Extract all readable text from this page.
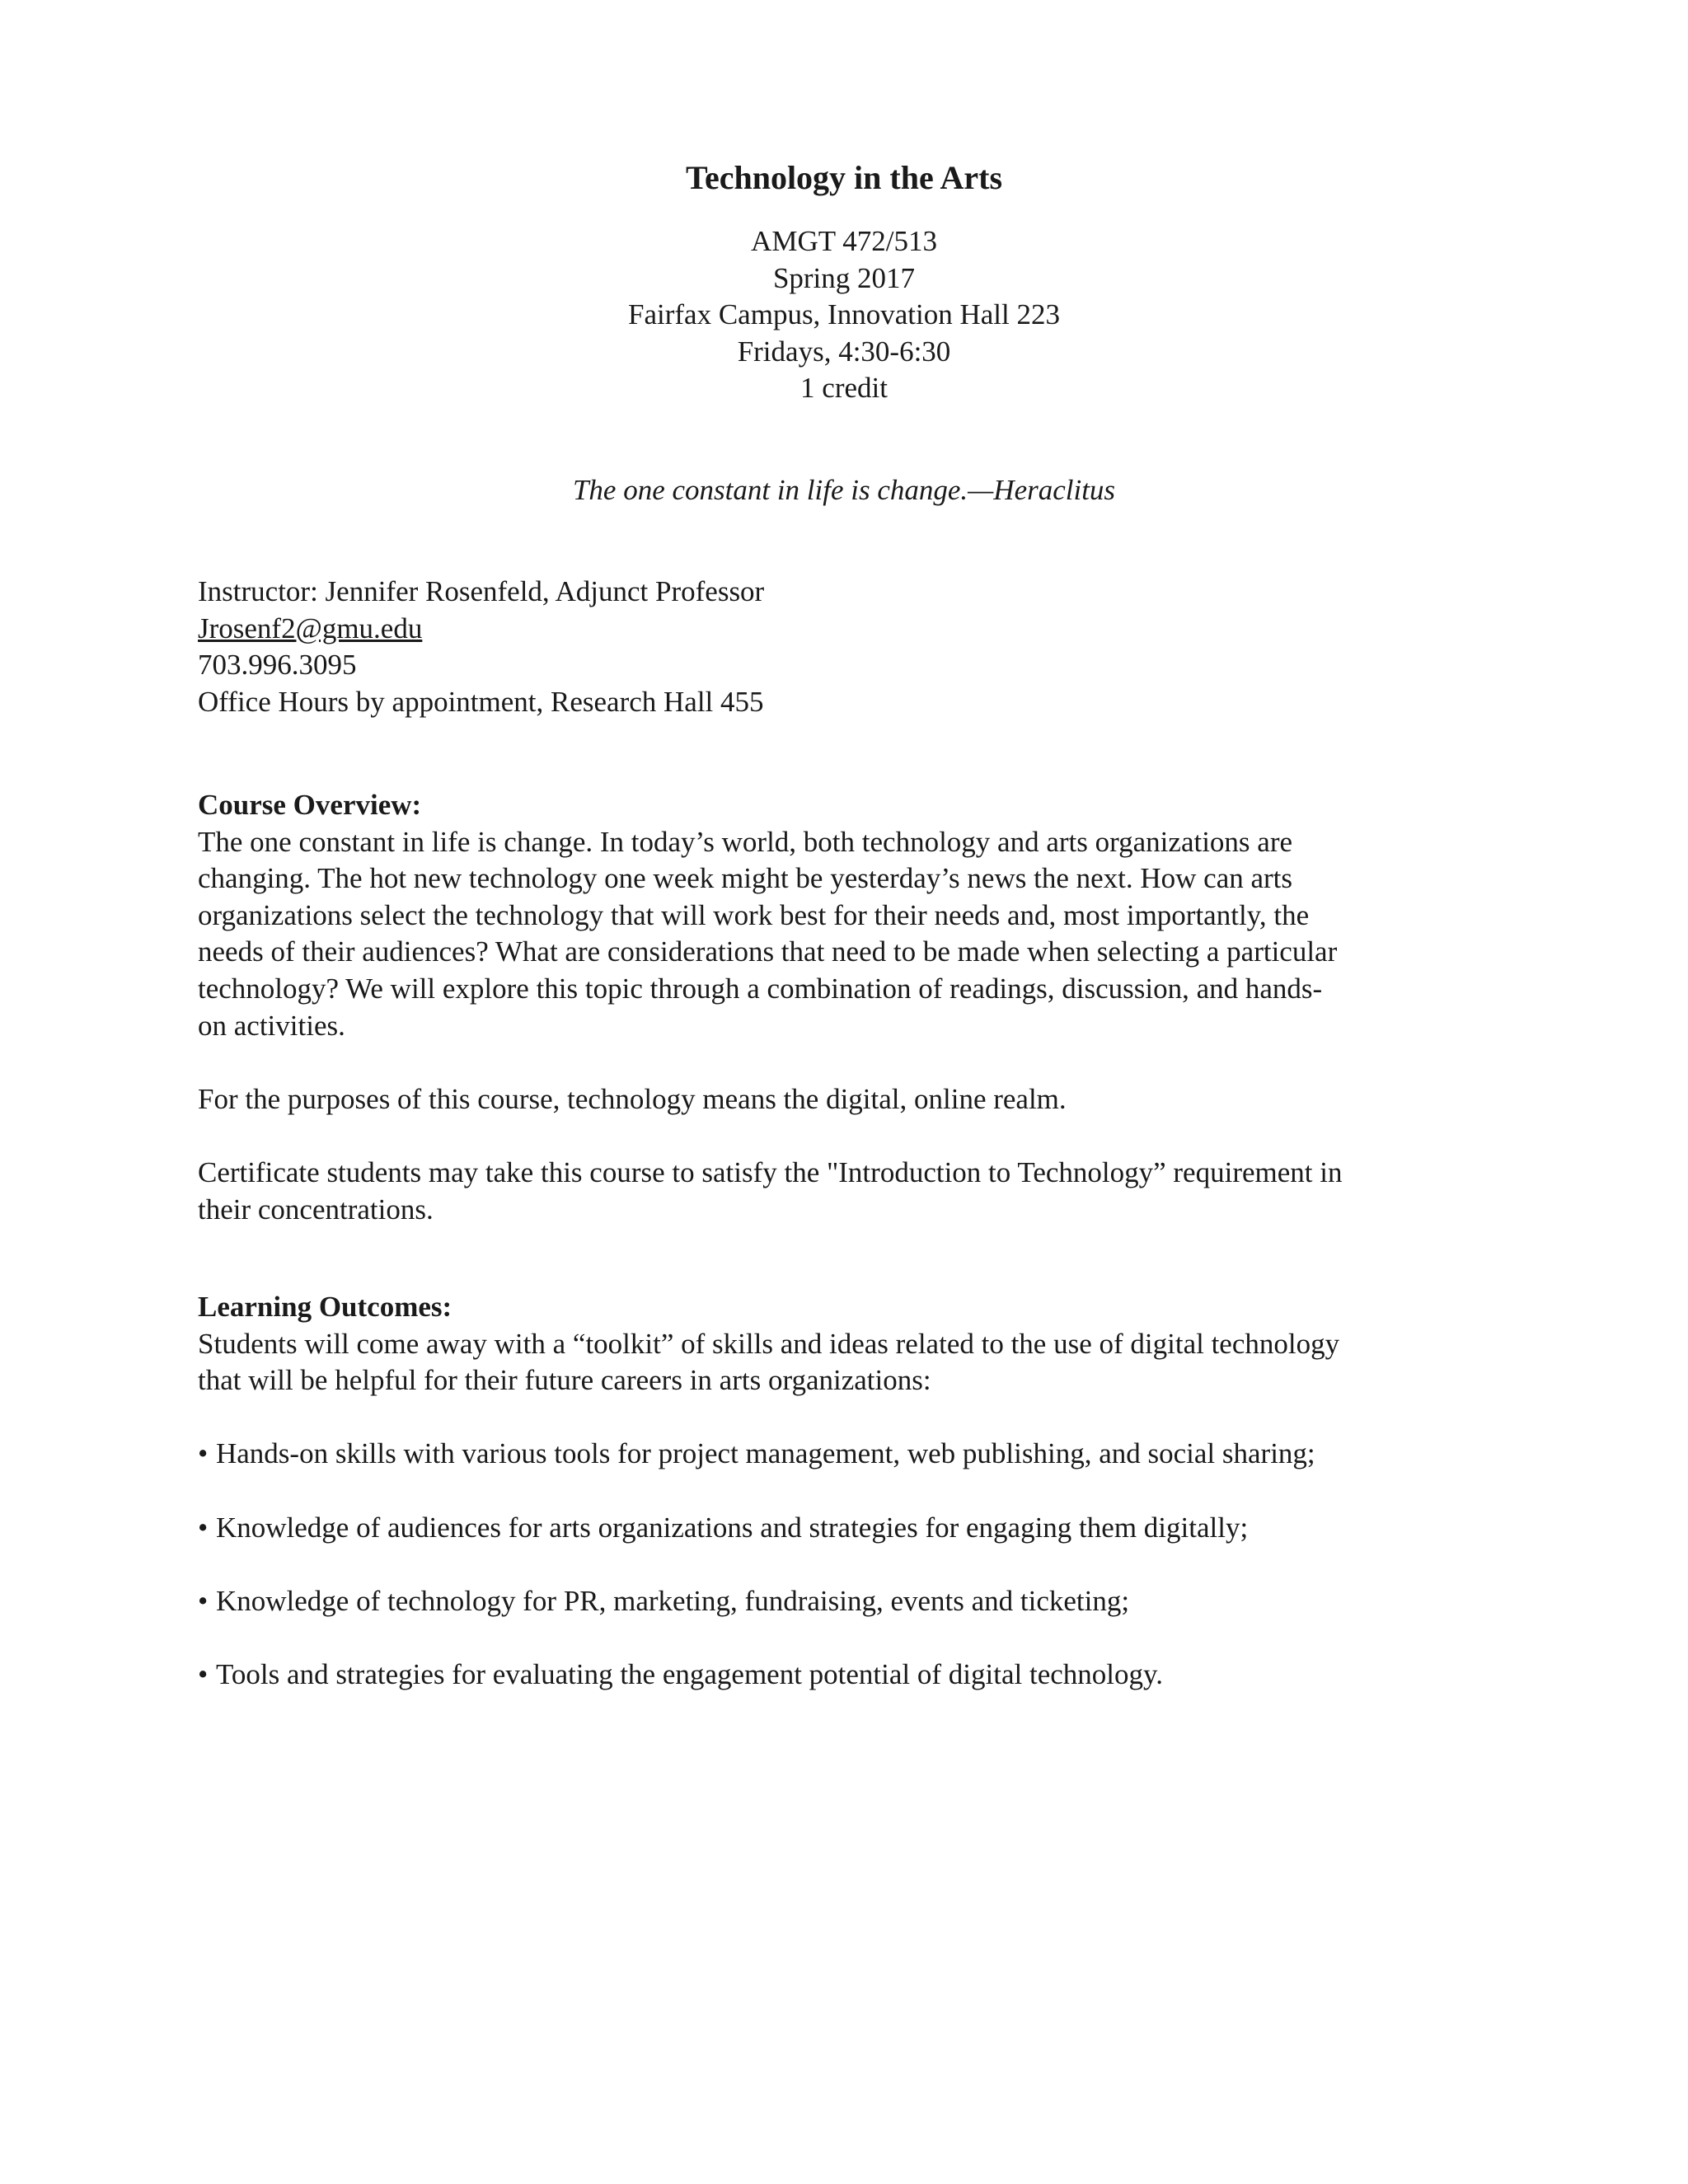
Technology in the Arts
AMGT 472/513
Spring 2017
Fairfax Campus, Innovation Hall 223
Fridays, 4:30-6:30
1 credit
The one constant in life is change.—Heraclitus
Instructor: Jennifer Rosenfeld, Adjunct Professor
Jrosenf2@gmu.edu
703.996.3095
Office Hours by appointment, Research Hall 455
Course Overview:
The one constant in life is change. In today’s world, both technology and arts organizations are
changing. The hot new technology one week might be yesterday’s news the next. How can arts
organizations select the technology that will work best for their needs and, most importantly, the
needs of their audiences? What are considerations that need to be made when selecting a particular
technology? We will explore this topic through a combination of readings, discussion, and hands-
on activities.
For the purposes of this course, technology means the digital, online realm.
Certificate students may take this course to satisfy the "Introduction to Technology” requirement in
their concentrations.
Learning Outcomes:
Students will come away with a “toolkit” of skills and ideas related to the use of digital technology
that will be helpful for their future careers in arts organizations:
• Hands-on skills with various tools for project management, web publishing, and social sharing;
• Knowledge of audiences for arts organizations and strategies for engaging them digitally;
• Knowledge of technology for PR, marketing, fundraising, events and ticketing;
• Tools and strategies for evaluating the engagement potential of digital technology.
